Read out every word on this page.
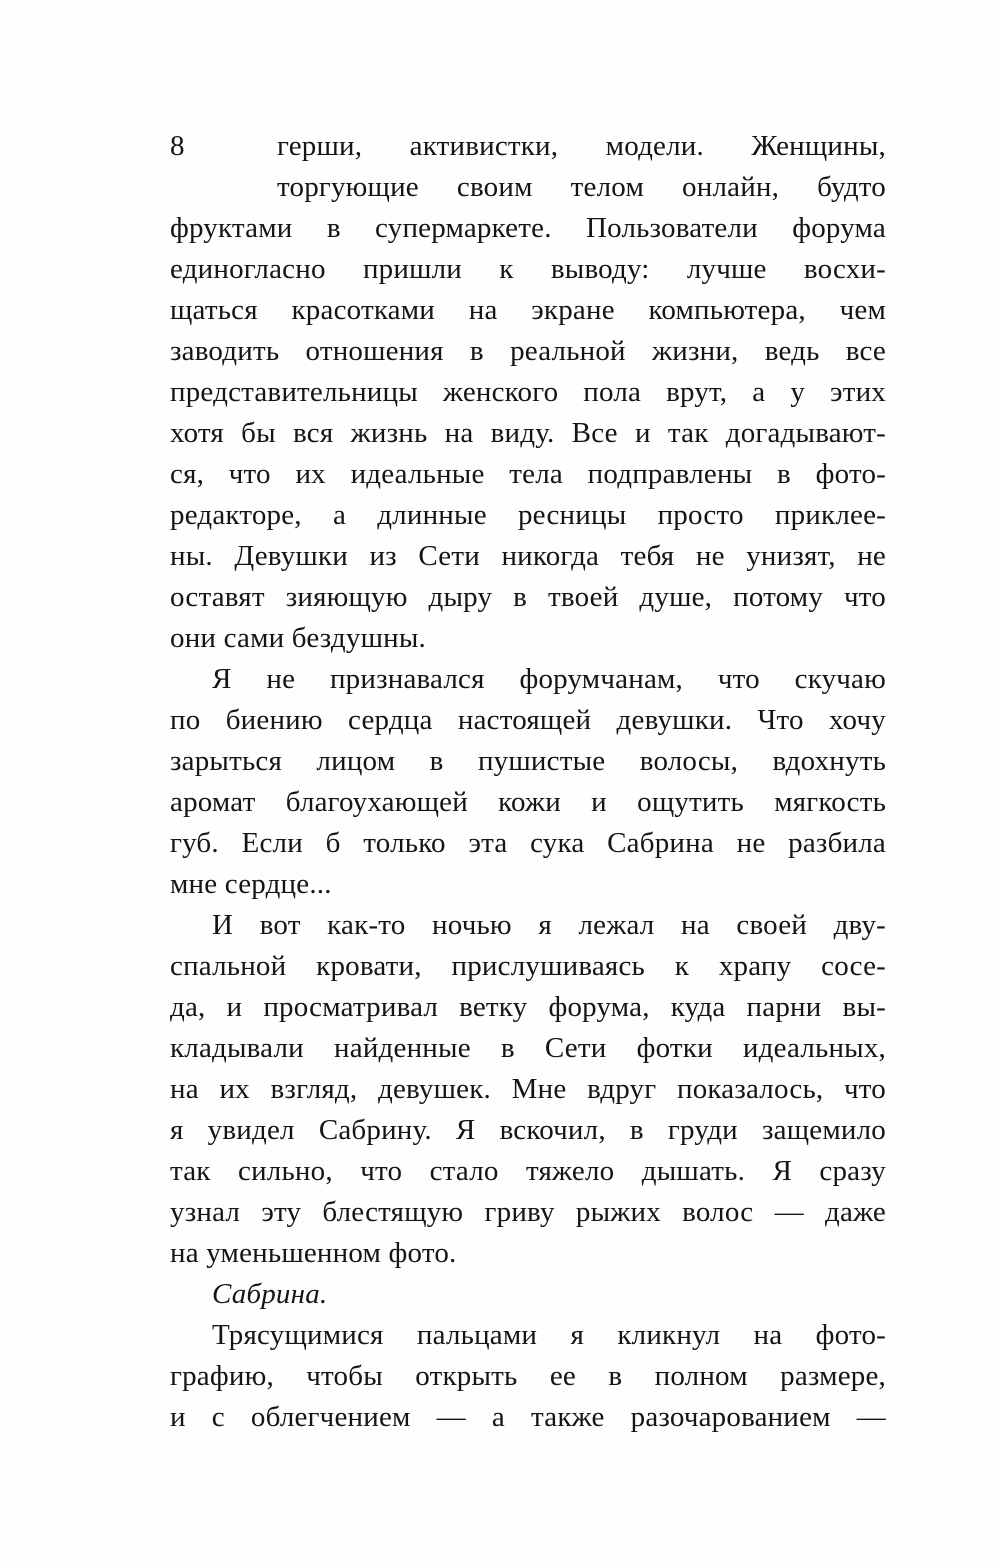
8	герши, активистки, модели. Женщины,
торгующие своим телом онлайн, будто
фруктами в супермаркете. Пользователи форума
единогласно пришли к выводу: лучше восхи-
щаться красотками на экране компьютера, чем
заводить отношения в реальной жизни, ведь все
представительницы женского пола врут, а у этих
хотя бы вся жизнь на виду. Все и так догадывают-
ся, что их идеальные тела подправлены в фото-
редакторе, а длинные ресницы просто приклее-
ны. Девушки из Сети никогда тебя не унизят, не
оставят зияющую дыру в твоей душе, потому что
они сами бездушны.
Я не признавался форумчанам, что скучаю
по биению сердца настоящей девушки. Что хочу
зарыться лицом в пушистые волосы, вдохнуть
аромат благоухающей кожи и ощутить мягкость
губ. Если б только эта сука Сабрина не разбила
мне сердце...
И вот как-то ночью я лежал на своей дву-
спальной кровати, прислушиваясь к храпу сосе-
да, и просматривал ветку форума, куда парни вы-
кладывали найденные в Сети фотки идеальных,
на их взгляд, девушек. Мне вдруг показалось, что
я увидел Сабрину. Я вскочил, в груди защемило
так сильно, что стало тяжело дышать. Я сразу
узнал эту блестящую гриву рыжих волос — даже
на уменьшенном фото.
Сабрина.
Трясущимися пальцами я кликнул на фото-
графию, чтобы открыть ее в полном размере,
и с облегчением — а также разочарованием —
